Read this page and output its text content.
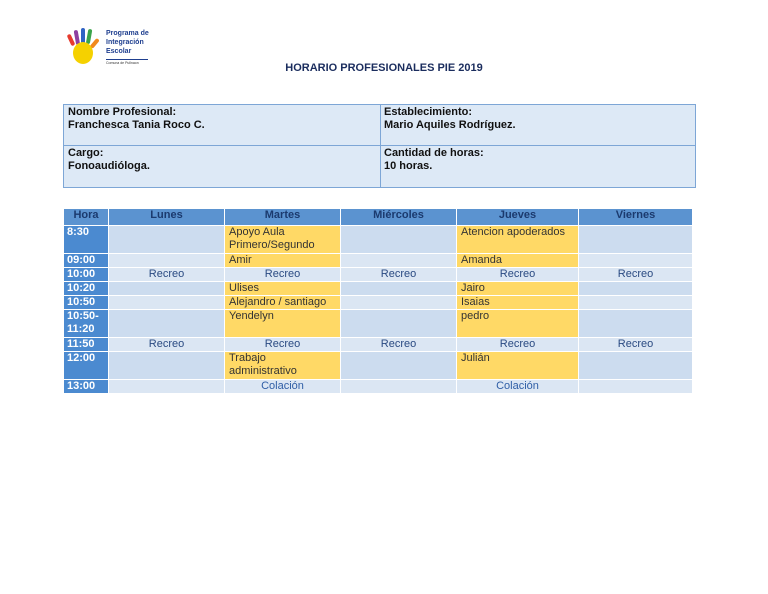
Programa de
Integración
Escolar
Comuna de Pullnaon	HORARIO PROFESIONALES PIE 2019
Nombre Profesional:
Franchesca Tania Roco C.
Establecimiento:
Mario Aquiles Rodríguez.
Cargo:
Fonoaudióloga.
Cantidad de horas:
10 horas.
Hora	Lunes	Martes	Miércoles	Jueves	Viernes
8:30		Apoyo Aula Primero/Segundo		Atencion apoderados	
09:00		Amir		Amanda	
10:00	Recreo	Recreo	Recreo	Recreo	Recreo
10:20		Ulises		Jairo	
10:50		Alejandro / santiago		Isaias	
10:50- 11:20		Yendelyn		pedro	
11:50	Recreo	Recreo	Recreo	Recreo	Recreo
12:00		Trabajo administrativo		Julián	
13:00		Colación		Colación	
